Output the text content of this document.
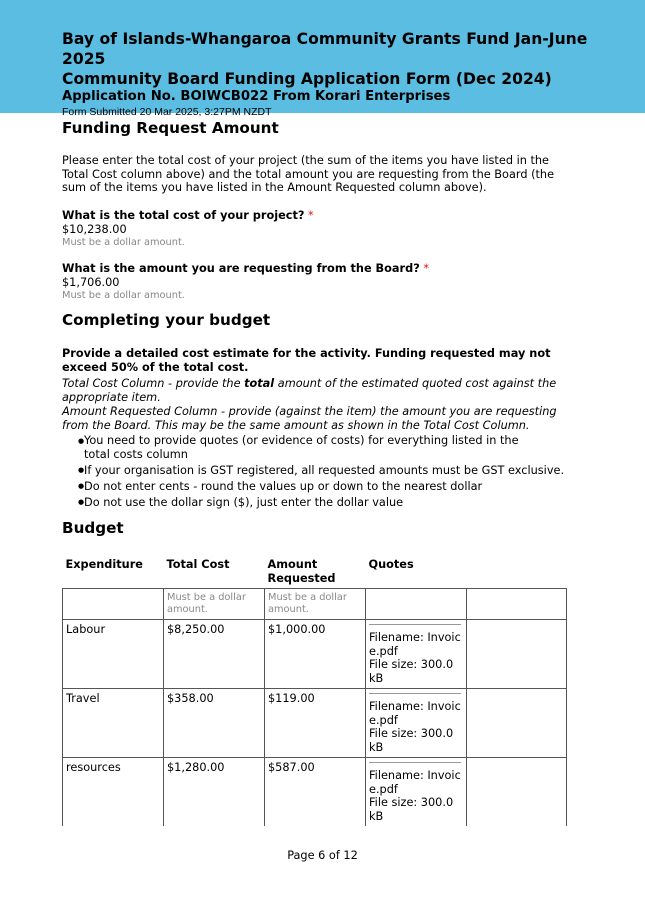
Bay of Islands-Whangaroa Community Grants Fund Jan-June 2025
Community Board Funding Application Form (Dec 2024)
Application No. BOIWCB022 From Korari Enterprises
Form Submitted 20 Mar 2025, 3:27PM NZDT
Funding Request Amount
Please enter the total cost of your project (the sum of the items you have listed in the Total Cost column above) and the total amount you are requesting from the Board (the sum of the items you have listed in the Amount Requested column above).
What is the total cost of your project? *
$10,238.00
Must be a dollar amount.
What is the amount you are requesting from the Board? *
$1,706.00
Must be a dollar amount.
Completing your budget
Provide a detailed cost estimate for the activity. Funding requested may not exceed 50% of the total cost.
Total Cost Column - provide the total amount of the estimated quoted cost against the appropriate item.
Amount Requested Column - provide (against the item) the amount you are requesting from the Board. This may be the same amount as shown in the Total Cost Column.
● You need to provide quotes (or evidence of costs) for everything listed in the total costs column
● If your organisation is GST registered, all requested amounts must be GST exclusive.
● Do not enter cents - round the values up or down to the nearest dollar
● Do not use the dollar sign ($), just enter the dollar value
Budget
Expenditure	Total Cost	Amount Requested	Quotes	
	Must be a dollar amount.	Must be a dollar amount.		
Labour	$8,250.00	$1,000.00	Filename: Invoice.pdf
File size: 300.0 kB	

Travel	$358.00	$119.00	Filename: Invoice.pdf
File size: 300.0 kB	

resources	$1,280.00	$587.00	Filename: Invoice.pdf
File size: 300.0 kB	

Page 6 of 12
